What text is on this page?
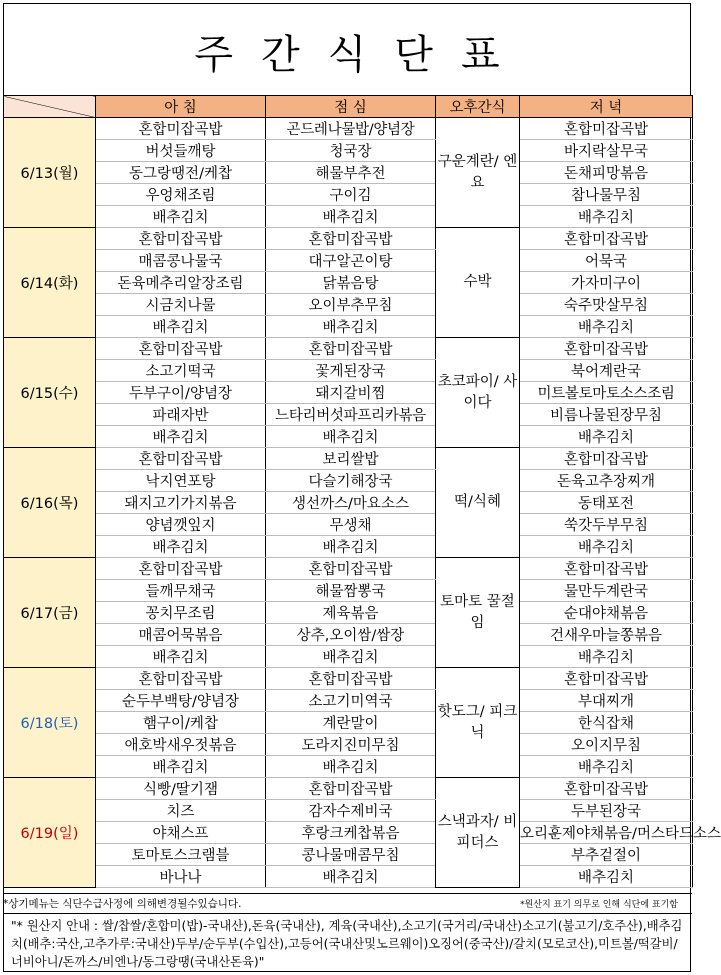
주간식단표
	아 침	점 심	오후간식	저 녁
6/13(월)	혼합미잡곡밥	곤드레나물밥/양념장	구운계란/ 엔요	혼합미잡곡밥
	버섯들깨탕	청국장		바지락살무국
	동그랑땡전/케찹	해물부추전		돈채피망볶음
	우엉채조림	구이김		참나물무침
	배추김치	배추김치		배추김치
6/14(화)	혼합미잡곡밥	혼합미잡곡밥	수박	혼합미잡곡밥
	매콤콩나물국	대구알곤이탕		어묵국
	돈육메추리알장조림	닭볶음탕		가자미구이
	시금치나물	오이부추무침		숙주맛살무침
	배추김치	배추김치		배추김치
6/15(수)	혼합미잡곡밥	혼합미잡곡밥	초코파이/ 사이다	혼합미잡곡밥
	소고기떡국	꽃게된장국		북어계란국
	두부구이/양념장	돼지갈비찜		미트볼토마토소스조림
	파래자반	느타리버섯파프리카볶음		비름나물된장무침
	배추김치	배추김치		배추김치
6/16(목)	혼합미잡곡밥	보리쌀밥	떡/식혜	혼합미잡곡밥
	낙지연포탕	다슬기해장국		돈육고추장찌개
	돼지고기가지볶음	생선까스/마요소스		동태포전
	양념깻잎지	무생채		쑥갓두부무침
	배추김치	배추김치		배추김치
6/17(금)	혼합미잡곡밥	혼합미잡곡밥	토마토 꿀절임	혼합미잡곡밥
	들깨무채국	해물짬뽕국		물만두계란국
	꽁치무조림	제육볶음		순대야채볶음
	매콤어묵볶음	상추,오이쌈/쌈장		건새우마늘쫑볶음
	배추김치	배추김치		배추김치
6/18(토)	혼합미잡곡밥	혼합미잡곡밥	핫도그/ 피크닉	혼합미잡곡밥
	순두부백탕/양념장	소고기미역국		부대찌개
	햄구이/케찹	계란말이		한식잡채
	애호박새우젓볶음	도라지진미무침		오이지무침
	배추김치	배추김치		배추김치
6/19(일)	식빵/딸기잼	혼합미잡곡밥	스낵과자/ 비피더스	혼합미잡곡밥
	치즈	감자수제비국		두부된장국
	야채스프	후랑크케찹볶음		오리훈제야채볶음/머스타드소스
	토마토스크램블	콩나물매콤무침		부추겉절이
	바나나	배추김치		배추김치
*상기메뉴는 식단수급사정에 의해변경될수있습니다.	*원산지 표기 의무로 인해 식단에 표기함
"* 원산지 안내 : 쌀/찹쌀/혼합미(밥)-국내산),돈육(국내산), 계육(국내산),소고기(국거리/국내산)소고기(불고기/호주산),배추김치(배추:국산,고추가루:국내산)두부/순두부(수입산),고등어(국내산및노르웨이)오징어(중국산)/갈치(모로코산),미트볼/떡갈비/너비아니/돈까스/비엔나/동그랑땡(국내산돈육)"
